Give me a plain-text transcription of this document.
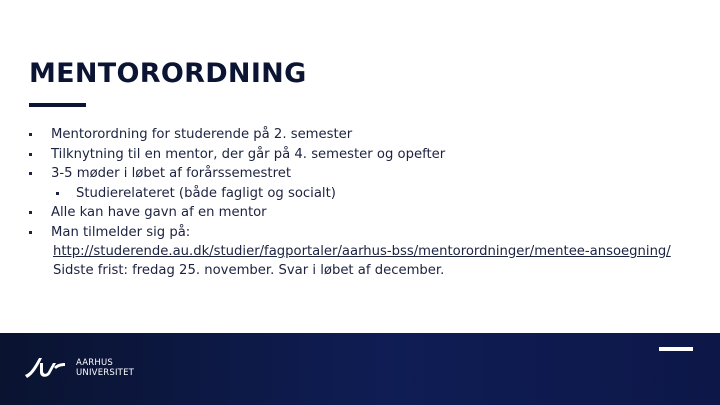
MENTORORDNING
Mentorordning for studerende på 2. semester
Tilknytning til en mentor, der går på 4. semester og opefter
3-5 møder i løbet af forårssemestret
Studierelateret (både fagligt og socialt)
Alle kan have gavn af en mentor
Man tilmelder sig på:
http://studerende.au.dk/studier/fagportaler/aarhus-bss/mentorordninger/mentee-ansoegning/
Sidste frist: fredag 25. november. Svar i løbet af december.
AARHUS
UNIVERSITET
